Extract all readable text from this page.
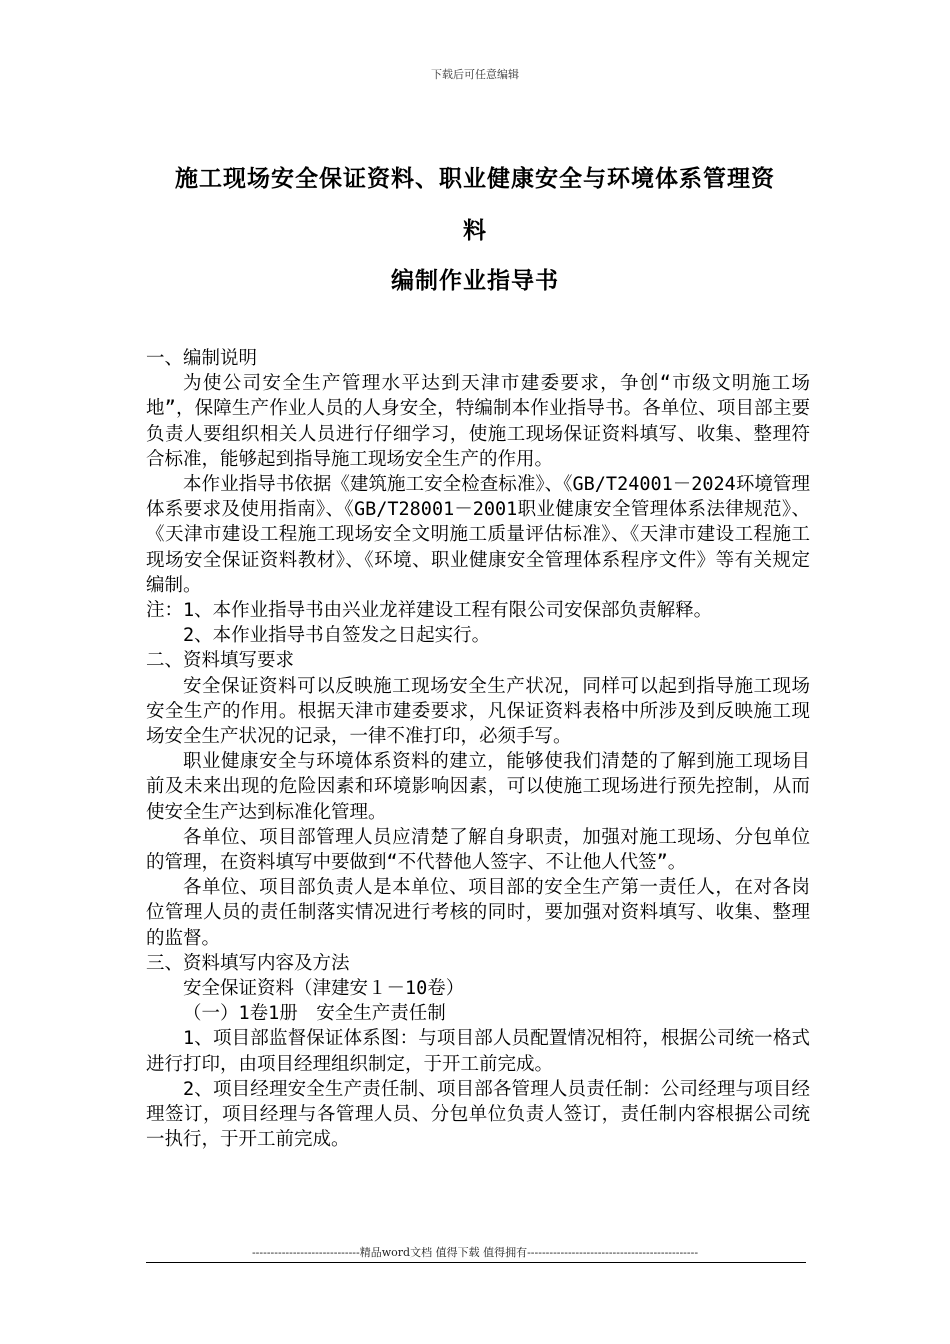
下载后可任意编辑
施工现场安全保证资料、职业健康安全与环境体系管理资
料
编制作业指导书

一、编制说明

为使公司安全生产管理水平达到天津市建委要求，争创“市级文明施工场地”，保障生产作业人员的人身安全，特编制本作业指导书。各单位、项目部主要负责人要组织相关人员进行仔细学习，使施工现场保证资料填写、收集、整理符合标准，能够起到指导施工现场安全生产的作用。

本作业指导书依据《建筑施工安全检查标准》、《GB/T24001－2024环境管理体系要求及使用指南》、《GB/T28001－2001职业健康安全管理体系法律规范》、《天津市建设工程施工现场安全文明施工质量评估标准》、《天津市建设工程施工现场安全保证资料教材》、《环境、职业健康安全管理体系程序文件》等有关规定编制。

注：1、本作业指导书由兴业龙祥建设工程有限公司安保部负责解释。

2、本作业指导书自签发之日起实行。

二、资料填写要求

安全保证资料可以反映施工现场安全生产状况，同样可以起到指导施工现场安全生产的作用。根据天津市建委要求，凡保证资料表格中所涉及到反映施工现场安全生产状况的记录，一律不准打印，必须手写。

职业健康安全与环境体系资料的建立，能够使我们清楚的了解到施工现场目前及未来出现的危险因素和环境影响因素，可以使施工现场进行预先控制，从而使安全生产达到标准化管理。

各单位、项目部管理人员应清楚了解自身职责，加强对施工现场、分包单位的管理，在资料填写中要做到“不代替他人签字、不让他人代签”。

各单位、项目部负责人是本单位、项目部的安全生产第一责任人，在对各岗位管理人员的责任制落实情况进行考核的同时，要加强对资料填写、收集、整理的监督。

三、资料填写内容及方法

安全保证资料（津建安１－10卷）

（一）1卷1册　安全生产责任制

1、项目部监督保证体系图：与项目部人员配置情况相符，根据公司统一格式进行打印，由项目经理组织制定，于开工前完成。

2、项目经理安全生产责任制、项目部各管理人员责任制：公司经理与项目经理签订，项目经理与各管理人员、分包单位负责人签订，责任制内容根据公司统一执行，于开工前完成。

-----------------------------精品word文档 值得下载 值得拥有----------------------------------------------
